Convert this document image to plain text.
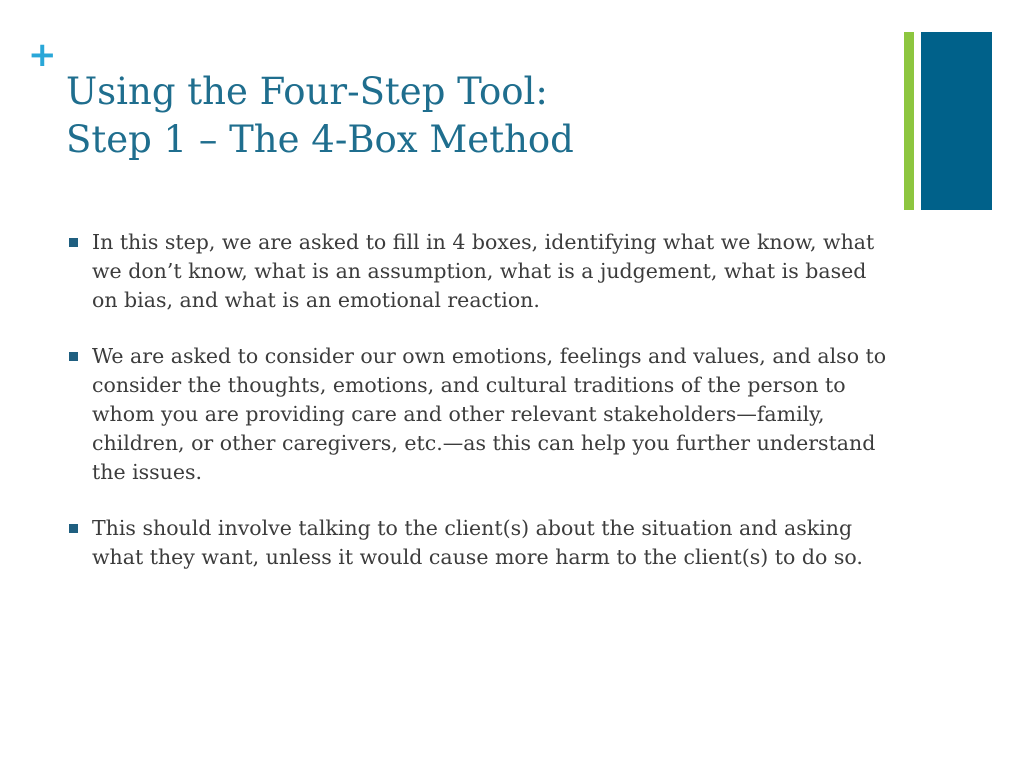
+
Using the Four-Step Tool:
Step 1 – The 4-Box Method
In this step, we are asked to fill in 4 boxes, identifying what we know, what we don’t know, what is an assumption, what is a judgement, what is based on bias, and what is an emotional reaction.
We are asked to consider our own emotions, feelings and values, and also to consider the thoughts, emotions, and cultural traditions of the person to whom you are providing care and other relevant stakeholders—family, children, or other caregivers, etc.—as this can help you further understand the issues.
This should involve talking to the client(s) about the situation and asking what they want, unless it would cause more harm to the client(s) to do so.
